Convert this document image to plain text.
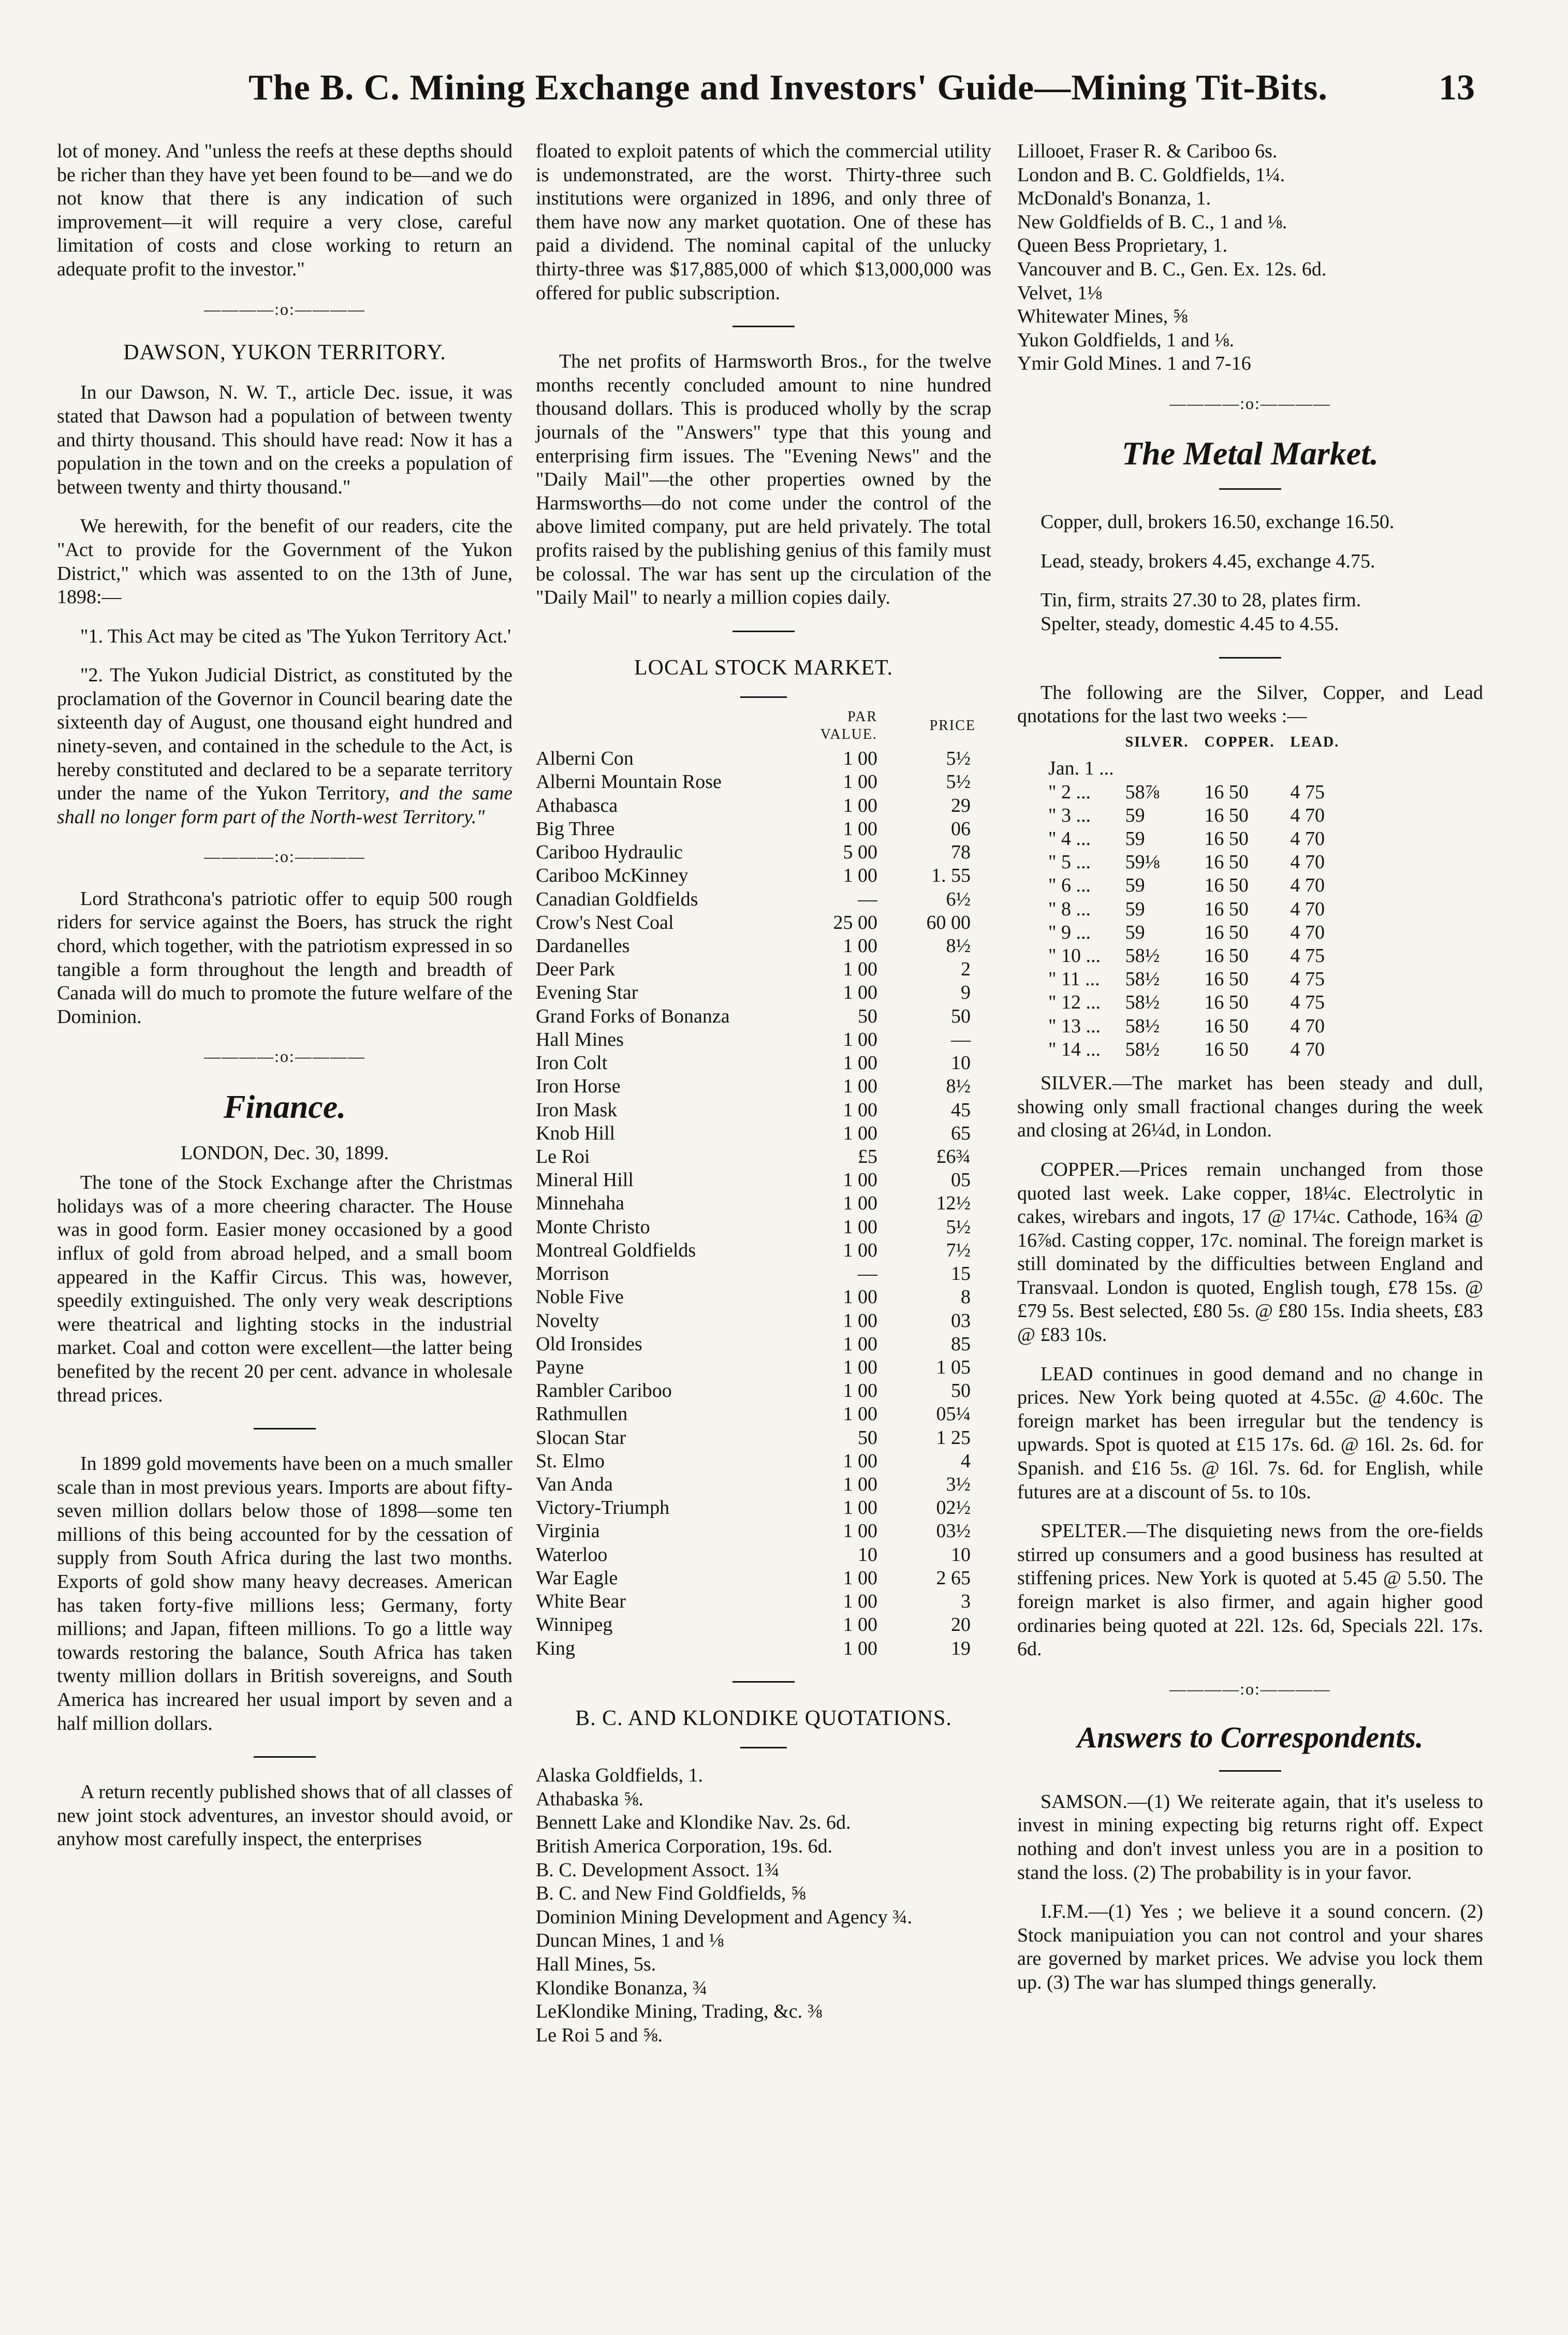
The B. C. Mining Exchange and Investors' Guide—Mining Tit-Bits.	13

lot of money. And "unless the reefs at these depths should be richer than they have yet been found to be—and we do not know that there is any indication of such improvement—it will require a very close, careful limitation of costs and close working to return an adequate profit to the investor."

————:o:————
DAWSON, YUKON TERRITORY.

In our Dawson, N. W. T., article Dec. issue, it was stated that Dawson had a population of between twenty and thirty thousand. This should have read: Now it has a population in the town and on the creeks a population of between twenty and thirty thousand."

We herewith, for the benefit of our readers, cite the "Act to provide for the Government of the Yukon District," which was assented to on the 13th of June, 1898:—

"1. This Act may be cited as 'The Yukon Territory Act.'

"2. The Yukon Judicial District, as constituted by the proclamation of the Governor in Council bearing date the sixteenth day of August, one thousand eight hundred and ninety-seven, and contained in the schedule to the Act, is hereby constituted and declared to be a separate territory under the name of the Yukon Territory, and the same shall no longer form part of the North-west Territory."

————:o:————

Lord Strathcona's patriotic offer to equip 500 rough riders for service against the Boers, has struck the right chord, which together, with the patriotism expressed in so tangible a form throughout the length and breadth of Canada will do much to promote the future welfare of the Dominion.

————:o:————
Finance.
LONDON, Dec. 30, 1899.

The tone of the Stock Exchange after the Christmas holidays was of a more cheering character. The House was in good form. Easier money occasioned by a good influx of gold from abroad helped, and a small boom appeared in the Kaffir Circus. This was, however, speedily extinguished. The only very weak descriptions were theatrical and lighting stocks in the industrial market. Coal and cotton were excellent—the latter being benefited by the recent 20 per cent. advance in wholesale thread prices.

In 1899 gold movements have been on a much smaller scale than in most previous years. Imports are about fifty-seven million dollars below those of 1898—some ten millions of this being accounted for by the cessation of supply from South Africa during the last two months. Exports of gold show many heavy decreases. American has taken forty-five millions less; Germany, forty millions; and Japan, fifteen millions. To go a little way towards restoring the balance, South Africa has taken twenty million dollars in British sovereigns, and South America has increared her usual import by seven and a half million dollars.

A return recently published shows that of all classes of new joint stock adventures, an investor should avoid, or anyhow most carefully inspect, the enterprises

floated to exploit patents of which the commercial utility is undemonstrated, are the worst. Thirty-three such institutions were organized in 1896, and only three of them have now any market quotation. One of these has paid a dividend. The nominal capital of the unlucky thirty-three was $17,885,000 of which $13,000,000 was offered for public subscription.

The net profits of Harmsworth Bros., for the twelve months recently concluded amount to nine hundred thousand dollars. This is produced wholly by the scrap journals of the "Answers" type that this young and enterprising firm issues. The "Evening News" and the "Daily Mail"—the other properties owned by the Harmsworths—do not come under the control of the above limited company, put are held privately. The total profits raised by the publishing genius of this family must be colossal. The war has sent up the circulation of the "Daily Mail" to nearly a million copies daily.

LOCAL STOCK MARKET.
	PAR VALUE.	PRICE
Alberni Con	1 00	5½
Alberni Mountain Rose	1 00	5½
Athabasca	1 00	29
Big Three	1 00	06
Cariboo Hydraulic	5 00	78
Cariboo McKinney	1 00	1. 55
Canadian Goldfields	—	6½
Crow's Nest Coal	25 00	60 00
Dardanelles	1 00	8½
Deer Park	1 00	2
Evening Star	1 00	9
Grand Forks of Bonanza	50	50
Hall Mines	1 00	—
Iron Colt	1 00	10
Iron Horse	1 00	8½
Iron Mask	1 00	45
Knob Hill	1 00	65
Le Roi	£5	£6¾
Mineral Hill	1 00	05
Minnehaha	1 00	12½
Monte Christo	1 00	5½
Montreal Goldfields	1 00	7½
Morrison	—	15
Noble Five	1 00	8
Novelty	1 00	03
Old Ironsides	1 00	85
Payne	1 00	1 05
Rambler Cariboo	1 00	50
Rathmullen	1 00	05¼
Slocan Star	50	1 25
St. Elmo	1 00	4
Van Anda	1 00	3½
Victory-Triumph	1 00	02½
Virginia	1 00	03½
Waterloo	10	10
War Eagle	1 00	2 65
White Bear	1 00	3
Winnipeg	1 00	20
King	1 00	19
B. C. AND KLONDIKE QUOTATIONS.
Alaska Goldfields, 1.
Athabaska ⅝.
Bennett Lake and Klondike Nav. 2s. 6d.
British America Corporation, 19s. 6d.
B. C. Development Assoct. 1¾
B. C. and New Find Goldfields, ⅝
Dominion Mining Development and Agency ¾.
Duncan Mines, 1 and ⅛
Hall Mines, 5s.
Klondike Bonanza, ¾
LeKlondike Mining, Trading, &c. ⅜
Le Roi 5 and ⅝.
Lillooet, Fraser R. & Cariboo 6s.
London and B. C. Goldfields, 1¼.
McDonald's Bonanza, 1.
New Goldfields of B. C., 1 and ⅛.
Queen Bess Proprietary, 1.
Vancouver and B. C., Gen. Ex. 12s. 6d.
Velvet, 1⅛
Whitewater Mines, ⅝
Yukon Goldfields, 1 and ⅛.
Ymir Gold Mines. 1 and 7-16
————:o:————
The Metal Market.

Copper, dull, brokers 16.50, exchange 16.50.

Lead, steady, brokers 4.45, exchange 4.75.

Tin, firm, straits 27.30 to 28, plates firm.

Spelter, steady, domestic 4.45 to 4.55.

The following are the Silver, Copper, and Lead qnotations for the last two weeks :—

	SILVER.	COPPER.	LEAD.
Jan. 1 ...			
" 2 ...	58⅞	16 50	4 75
" 3 ...	59	16 50	4 70
" 4 ...	59	16 50	4 70
" 5 ...	59⅛	16 50	4 70
" 6 ...	59	16 50	4 70
" 8 ...	59	16 50	4 70
" 9 ...	59	16 50	4 70
" 10 ...	58½	16 50	4 75
" 11 ...	58½	16 50	4 75
" 12 ...	58½	16 50	4 75
" 13 ...	58½	16 50	4 70
" 14 ...	58½	16 50	4 70

SILVER.—The market has been steady and dull, showing only small fractional changes during the week and closing at 26¼d, in London.

COPPER.—Prices remain unchanged from those quoted last week. Lake copper, 18¼c. Electrolytic in cakes, wirebars and ingots, 17 @ 17¼c. Cathode, 16¾ @ 16⅞d. Casting copper, 17c. nominal. The foreign market is still dominated by the difficulties between England and Transvaal. London is quoted, English tough, £78 15s. @ £79 5s. Best selected, £80 5s. @ £80 15s. India sheets, £83 @ £83 10s.

LEAD continues in good demand and no change in prices. New York being quoted at 4.55c. @ 4.60c. The foreign market has been irregular but the tendency is upwards. Spot is quoted at £15 17s. 6d. @ 16l. 2s. 6d. for Spanish. and £16 5s. @ 16l. 7s. 6d. for English, while futures are at a discount of 5s. to 10s.

SPELTER.—The disquieting news from the ore-fields stirred up consumers and a good business has resulted at stiffening prices. New York is quoted at 5.45 @ 5.50. The foreign market is also firmer, and again higher good ordinaries being quoted at 22l. 12s. 6d, Specials 22l. 17s. 6d.

————:o:————
Answers to Correspondents.

SAMSON.—(1) We reiterate again, that it's useless to invest in mining expecting big returns right off. Expect nothing and don't invest unless you are in a position to stand the loss. (2) The probability is in your favor.

I.F.M.—(1) Yes ; we believe it a sound concern. (2) Stock manipuiation you can not control and your shares are governed by market prices. We advise you lock them up. (3) The war has slumped things generally.
